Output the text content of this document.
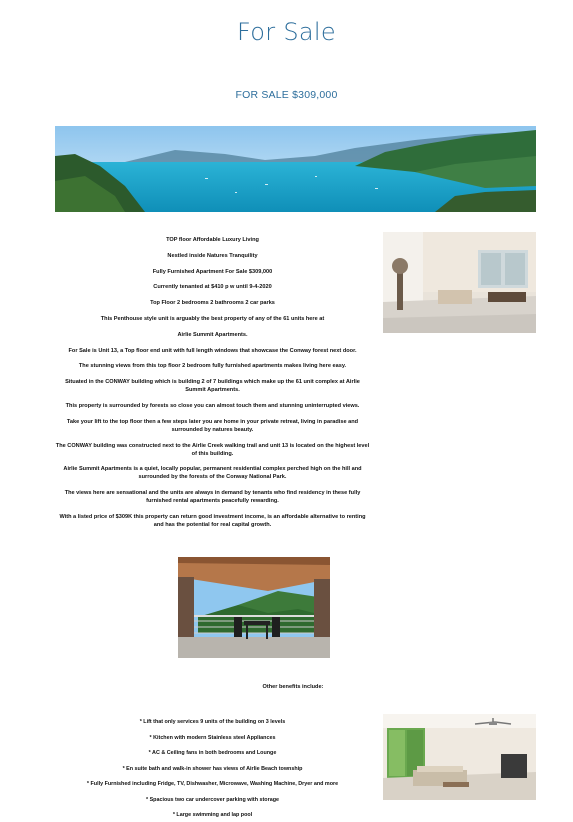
For Sale
FOR SALE $309,000

TOP floor Affordable Luxury Living

Nestled inside Natures Tranquility

Fully Furnished Apartment For Sale $309,000

Currently tenanted at $410 p w until 9-4-2020

Top Floor 2 bedrooms 2 bathrooms 2 car parks

This Penthouse style unit is arguably the best property of any of the 61 units here at

Airlie Summit Apartments.

For Sale is Unit 13, a Top floor end unit with full length windows that showcase the Conway forest next door.

The stunning views from this top floor 2 bedroom fully furnished apartments makes living here easy.

Situated in the CONWAY building which is building 2 of 7 buildings which make up the 61 unit complex at Airlie Summit Apartments.

This property is surrounded by forests so close you can almost touch them and stunning uninterrupted views.

Take your lift to the top floor then a few steps later you are home in your private retreat, living in paradise and surrounded by natures beauty.

The CONWAY building was constructed next to the Airlie Creek walking trail and unit 13 is located on the highest level of this building.

Airlie Summit Apartments is a quiet, locally popular, permanent residential complex perched high on the hill and surrounded by the forests of the Conway National Park.

The views here are sensational and the units are always in demand by tenants who find residency in these fully furnished rental apartments peacefully rewarding.

With a listed price of $309K this property can return good investment income, is an affordable alternative to renting and has the potential for real capital growth.

Other benefits include:
* Lift that only services 9 units of the building on 3 levels
* Kitchen with modern Stainless steel Appliances
* AC & Ceiling fans in both bedrooms and Lounge
* En suite bath and walk-in shower has views of Airlie Beach township
* Fully Furnished including Fridge, TV, Dishwasher, Microwave, Washing Machine, Dryer and more
* Spacious two car undercover parking with storage
* Large swimming and lap pool
